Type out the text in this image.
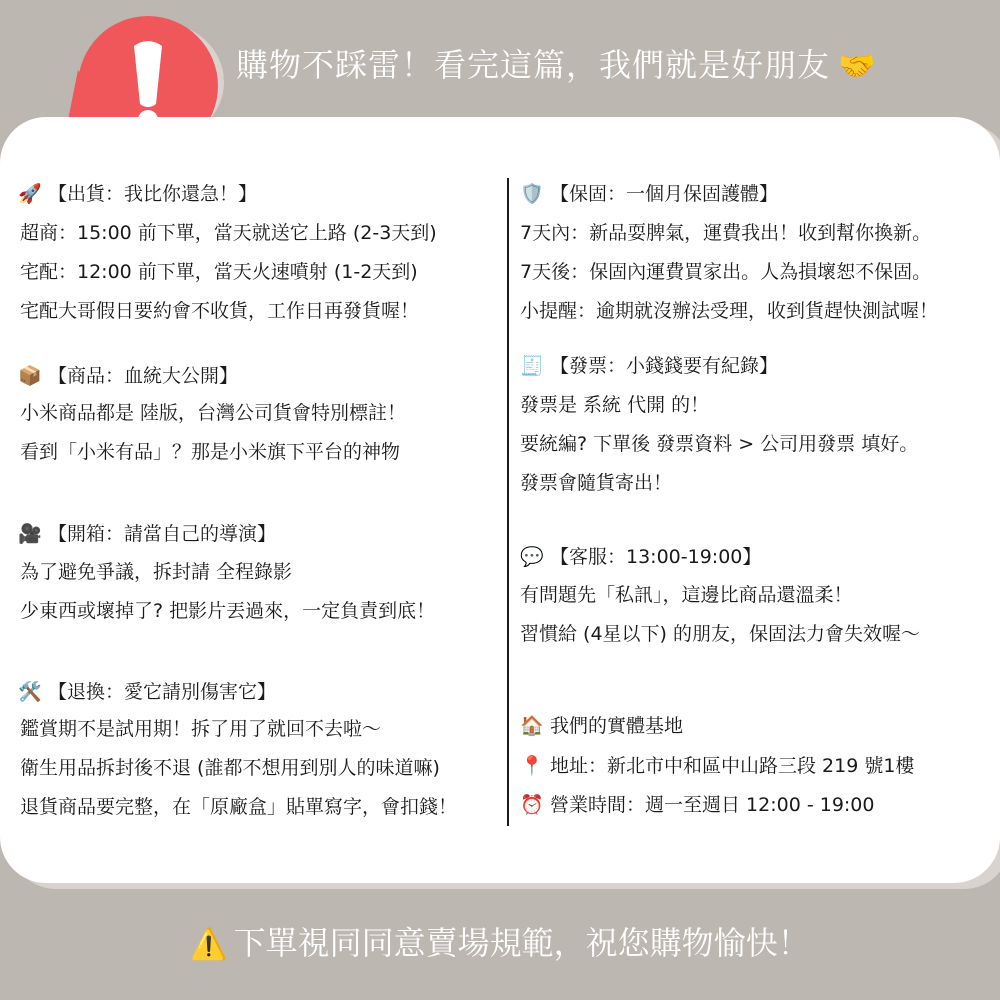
購物不踩雷！看完這篇，我們就是好朋友 🤝
🚀 【出貨：我比你還急！】
超商：15:00 前下單，當天就送它上路 (2-3天到)
宅配：12:00 前下單，當天火速噴射 (1-2天到)
宅配大哥假日要約會不收貨，工作日再發貨喔！
📦 【商品：血統大公開】
小米商品都是 陸版，台灣公司貨會特別標註！
看到「小米有品」？那是小米旗下平台的神物
🎥 【開箱：請當自己的導演】
為了避免爭議，拆封請 全程錄影
少東西或壞掉了? 把影片丟過來，一定負責到底！
🛠️ 【退換：愛它請別傷害它】
鑑賞期不是試用期！拆了用了就回不去啦～
衛生用品拆封後不退 (誰都不想用到別人的味道嘛)
退貨商品要完整，在「原廠盒」貼單寫字，會扣錢！
🛡️ 【保固：一個月保固護體】
7天內：新品耍脾氣，運費我出！收到幫你換新。
7天後：保固內運費買家出。人為損壞恕不保固。
小提醒：逾期就沒辦法受理，收到貨趕快測試喔！
🧾 【發票：小錢錢要有紀錄】
發票是 系統 代開 的！
要統編? 下單後 發票資料 > 公司用發票 填好。
發票會隨貨寄出！
💬 【客服：13:00-19:00】
有問題先「私訊」，這邊比商品還溫柔！
習慣給 (4星以下) 的朋友，保固法力會失效喔～
🏠 我們的實體基地
📍 地址：新北市中和區中山路三段 219 號1樓
⏰ 營業時間：週一至週日 12:00 - 19:00
⚠️ 下單視同同意賣場規範，祝您購物愉快！
